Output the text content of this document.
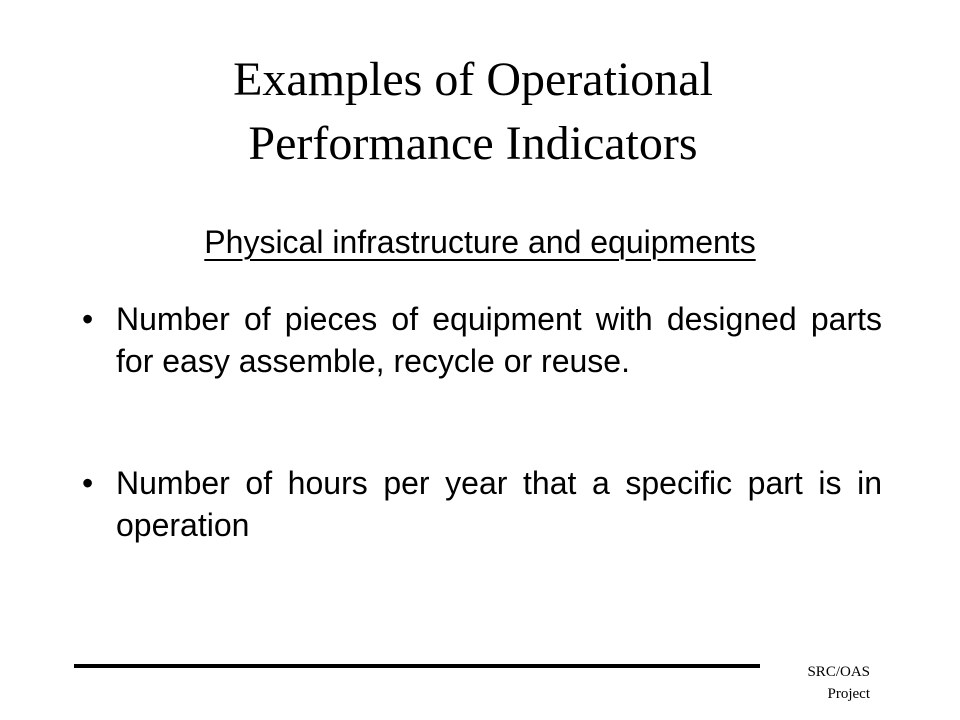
Examples of Operational
Performance Indicators
Physical infrastructure and equipments
• Number of pieces of equipment with designed parts for easy assemble, recycle or reuse.
• Number of hours per year that a specific part is in operation
SRC/OAS
Project
